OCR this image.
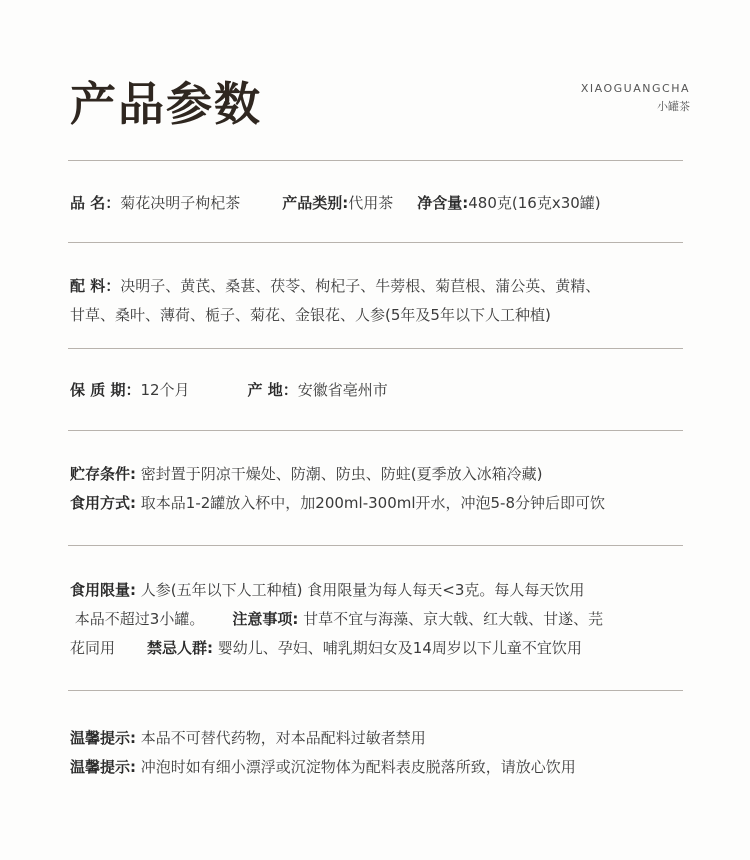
产品参数	XIAOGUANGCHA
小罐茶
品 名：菊花决明子枸杞茶	产品类别:代用茶 净含量:480克(16克x30罐)
配 料：决明子、黄芪、桑葚、茯苓、枸杞子、牛蒡根、菊苣根、蒲公英、黄精、
甘草、桑叶、薄荷、栀子、菊花、金银花、人参(5年及5年以下人工种植)
保 质 期：12个月	产 地：安徽省亳州市
贮存条件: 密封置于阴凉干燥处、防潮、防虫、防蛀(夏季放入冰箱冷藏)
食用方式: 取本品1-2罐放入杯中，加200ml-300ml开水，冲泡5-8分钟后即可饮
食用限量: 人参(五年以下人工种植) 食用限量为每人每天<3克。每人每天饮用
本品不超过3小罐。 注意事项: 甘草不宜与海藻、京大戟、红大戟、甘遂、芫
花同用 禁忌人群: 婴幼儿、孕妇、哺乳期妇女及14周岁以下儿童不宜饮用
温馨提示: 本品不可替代药物，对本品配料过敏者禁用
温馨提示: 冲泡时如有细小漂浮或沉淀物体为配料表皮脱落所致，请放心饮用
